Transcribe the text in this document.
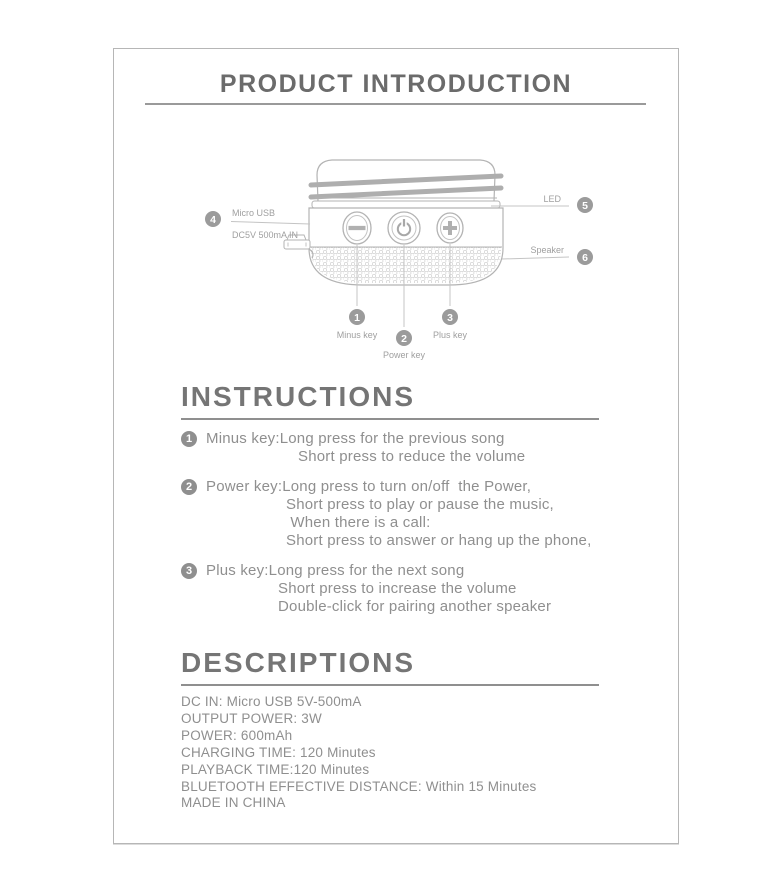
PRODUCT INTRODUCTION
4
Micro USB
DC5V 500mA IN
LED
5
Speaker
6
1
Minus key 2
Power key
3
Plus key
INSTRUCTIONS
1 Minus key:Long press for the previous song
Short press to reduce the volume
2 Power key:Long press to turn on/off  the Power,
Short press to play or pause the music,
When there is a call:
Short press to answer or hang up the phone,
3 Plus key:Long press for the next song
Short press to increase the volume
Double-click for pairing another speaker
DESCRIPTIONS
DC IN: Micro USB 5V-500mA
OUTPUT POWER: 3W
POWER: 600mAh
CHARGING TIME: 120 Minutes
PLAYBACK TIME:120 Minutes
BLUETOOTH EFFECTIVE DISTANCE: Within 15 Minutes
MADE IN CHINA
